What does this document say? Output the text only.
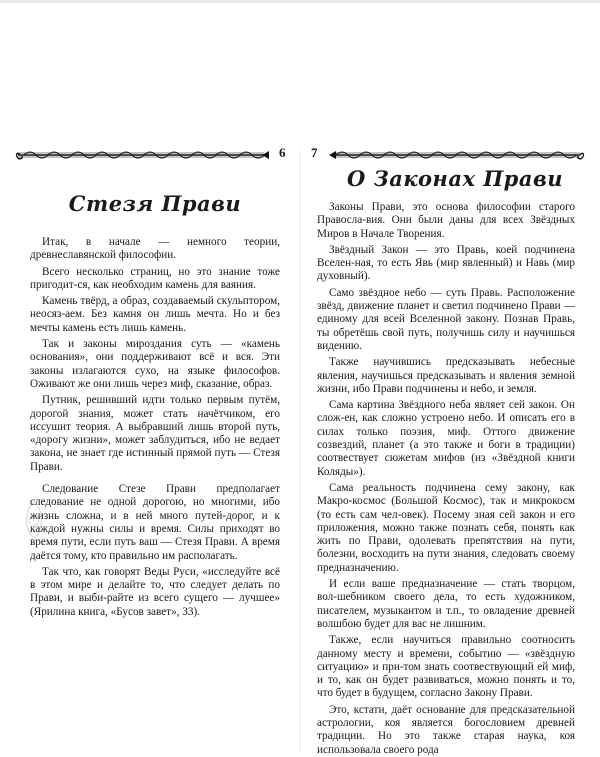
6
Стезя Прави

Итак, в начале — немного теории, древнеславянской философии.

Всего несколько страниц, но это знание тоже пригодит-ся, как необходим камень для ваяния.

Камень твёрд, а образ, создаваемый скульптором, неосяз-аем. Без камня он лишь мечта. Но и без мечты камень есть лишь камень.

Так и законы мироздания суть — «камень основания», они поддерживают всё и вся. Эти законы излагаются сухо, на языке философов. Оживают же они лишь через миф, сказание, образ.

Путник, решивший идти только первым путём, дорогой знания, может стать начётчиком, его иссушит теория. А выбравший лишь второй путь, «дорогу жизни», может заблудиться, ибо не ведает закона, не знает где истинный прямой путь — Стезя Прави.

Следование Стезе Прави предполагает следование не одной дорогою, но многими, ибо жизнь сложна, и в ней много путей-дорог, и к каждой нужны силы и время. Силы приходят во время пути, если путь ваш — Стезя Прави. А время даётся тому, кто правильно им располагать.

Так что, как говорят Веды Руси, «исследуйте всё в этом мире и делайте то, что следует делать по Прави, и выби-райте из всего сущего — лучшее» (Ярилина книга, «Бусов завет», 33).

7
О Законах Прави

Законы Прави, это основа философии старого Правосла-вия. Они были даны для всех Звёздных Миров в Начале Творения.

Звёздный Закон — это Правь, коей подчинена Вселен-ная, то есть Явь (мир явленный) и Навь (мир духовный).

Само звёздное небо — суть Правь. Расположение звёзд, движение планет и светил подчинено Прави — единому для всей Вселенной закону. Познав Правь, ты обретёшь свой путь, получишь силу и научишься видению.

Также научившись предсказывать небесные явления, научишься предсказывать и явления земной жизни, ибо Прави подчинены и небо, и земля.

Сама картина Звёздного неба являет сей закон. Он слож-ен, как сложно устроено небо. И описать его в силах только поэзия, миф. Оттого движение созвездий, планет (а это также и боги в традиции) соотвествует сюжетам мифов (из «Звёздной книги Коляды»).

Сама реальность подчинена сему закону, как Макро-космос (Большой Космос), так и микрокосм (то есть сам чел-овек). Посему зная сей закон и его приложения, можно также познать себя, понять как жить по Прави, одолевать препятствия на пути, болезни, восходить на пути знания, следовать своему предназначению.

И если ваше предназначение — стать творцом, вол-шебником своего дела, то есть художником, писателем, музыкантом и т.п., то овладение древней волшбою будет для вас не лишним.

Также, если научиться правильно соотносить данному месту и времени, событию — «звёздную ситуацию» и при-том знать соотвествующий ей миф, и то, как он будет развиваться, можно понять и то, что будет в будущем, согласно Закону Прави.

Это, кстати, даёт основание для предсказательной астрологии, коя является богословием древней традиции. Но это также старая наука, коя использовала своего рода
